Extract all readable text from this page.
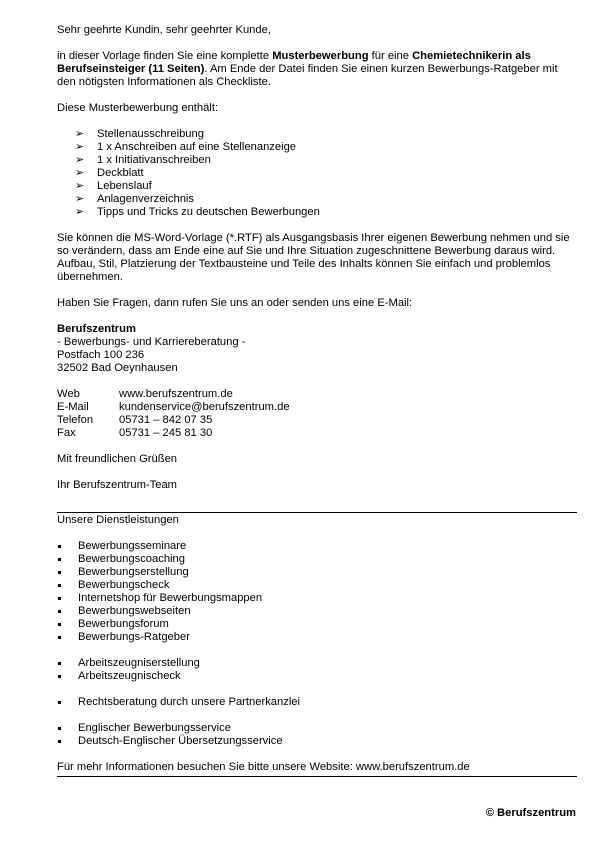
Sehr geehrte Kundin, sehr geehrter Kunde,

in dieser Vorlage finden Sie eine komplette Musterbewerbung für eine Chemietechnikerin als Berufseinsteiger (11 Seiten). Am Ende der Datei finden Sie einen kurzen Bewerbungs-Ratgeber mit den nötigsten Informationen als Checkliste.

Diese Musterbewerbung enthält:

➢ Stellenausschreibung
➢ 1 x Anschreiben auf eine Stellenanzeige
➢ 1 x Initiativanschreiben
➢ Deckblatt
➢ Lebenslauf
➢ Anlagenverzeichnis
➢ Tipps und Tricks zu deutschen Bewerbungen

Sie können die MS-Word-Vorlage (*.RTF) als Ausgangsbasis Ihrer eigenen Bewerbung nehmen und sie so verändern, dass am Ende eine auf Sie und Ihre Situation zugeschnittene Bewerbung daraus wird. Aufbau, Stil, Platzierung der Textbausteine und Teile des Inhalts können Sie einfach und problemlos übernehmen.

Haben Sie Fragen, dann rufen Sie uns an oder senden uns eine E-Mail:

Berufszentrum

- Bewerbungs- und Karriereberatung -

Postfach 100 236

32502 Bad Oeynhausen

Web	www.berufszentrum.de
E-Mail	kundenservice@berufszentrum.de
Telefon	05731 – 842 07 35
Fax	05731 – 245 81 30

Mit freundlichen Grüßen

Ihr Berufszentrum-Team

Unsere Dienstleistungen

Bewerbungsseminare
Bewerbungscoaching
Bewerbungserstellung
Bewerbungscheck
Internetshop für Bewerbungsmappen
Bewerbungswebseiten
Bewerbungsforum
Bewerbungs-Ratgeber
Arbeitszeugniserstellung
Arbeitszeugnischeck
Rechtsberatung durch unsere Partnerkanzlei
Englischer Bewerbungsservice
Deutsch-Englischer Übersetzungsservice

Für mehr Informationen besuchen Sie bitte unsere Website: www.berufszentrum.de

© Berufszentrum
